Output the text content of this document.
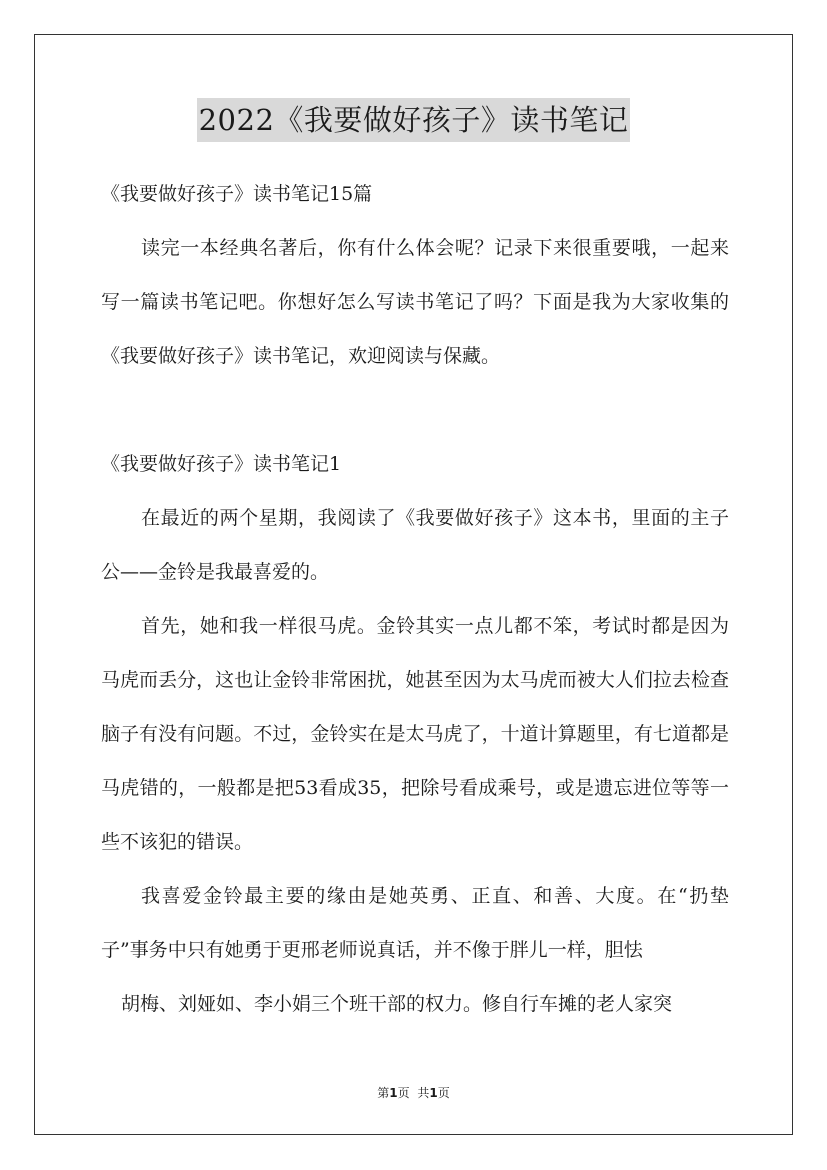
2022《我要做好孩子》读书笔记

《我要做好孩子》读书笔记15篇

读完一本经典名著后，你有什么体会呢？记录下来很重要哦，一起来写一篇读书笔记吧。你想好怎么写读书笔记了吗？下面是我为大家收集的《我要做好孩子》读书笔记，欢迎阅读与保藏。

《我要做好孩子》读书笔记1

在最近的两个星期，我阅读了《我要做好孩子》这本书，里面的主子公——金铃是我最喜爱的。

首先，她和我一样很马虎。金铃其实一点儿都不笨，考试时都是因为马虎而丢分，这也让金铃非常困扰，她甚至因为太马虎而被大人们拉去检查脑子有没有问题。不过，金铃实在是太马虎了，十道计算题里，有七道都是马虎错的，一般都是把53看成35，把除号看成乘号，或是遗忘进位等等一些不该犯的错误。

我喜爱金铃最主要的缘由是她英勇、正直、和善、大度。在“扔垫子”事务中只有她勇于更邢老师说真话，并不像于胖儿一样，胆怯

胡梅、刘娅如、李小娟三个班干部的权力。修自行车摊的老人家突

第1页 共1页
